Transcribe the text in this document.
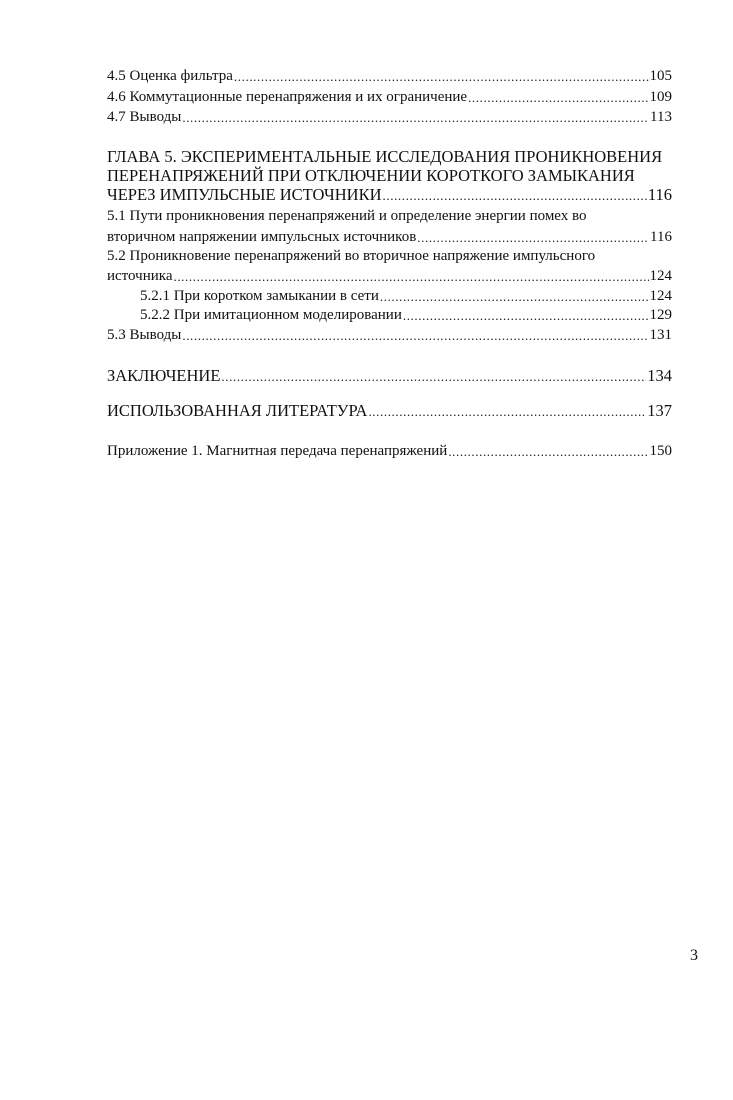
4.5 Оценка фильтра .....	105
4.6 Коммутационные перенапряжения и их ограничение .....	109
4.7 Выводы .....	113
ГЛАВА 5. ЭКСПЕРИМЕНТАЛЬНЫЕ ИССЛЕДОВАНИЯ ПРОНИКНОВЕНИЯ
ПЕРЕНАПРЯЖЕНИЙ ПРИ ОТКЛЮЧЕНИИ КОРОТКОГО ЗАМЫКАНИЯ
ЧЕРЕЗ ИМПУЛЬСНЫЕ ИСТОЧНИКИ .....	116
5.1 Пути проникновения перенапряжений и определение энергии помех во
вторичном напряжении импульсных источников .....	116
5.2 Проникновение перенапряжений во вторичное напряжение импульсного
источника .....	124
5.2.1 При коротком замыкании в сети .....	124
5.2.2 При имитационном моделировании .....	129
5.3 Выводы .....	131
ЗАКЛЮЧЕНИЕ .....	134
ИСПОЛЬЗОВАННАЯ ЛИТЕРАТУРА .....	137
Приложение 1. Магнитная передача перенапряжений .....	150
3
